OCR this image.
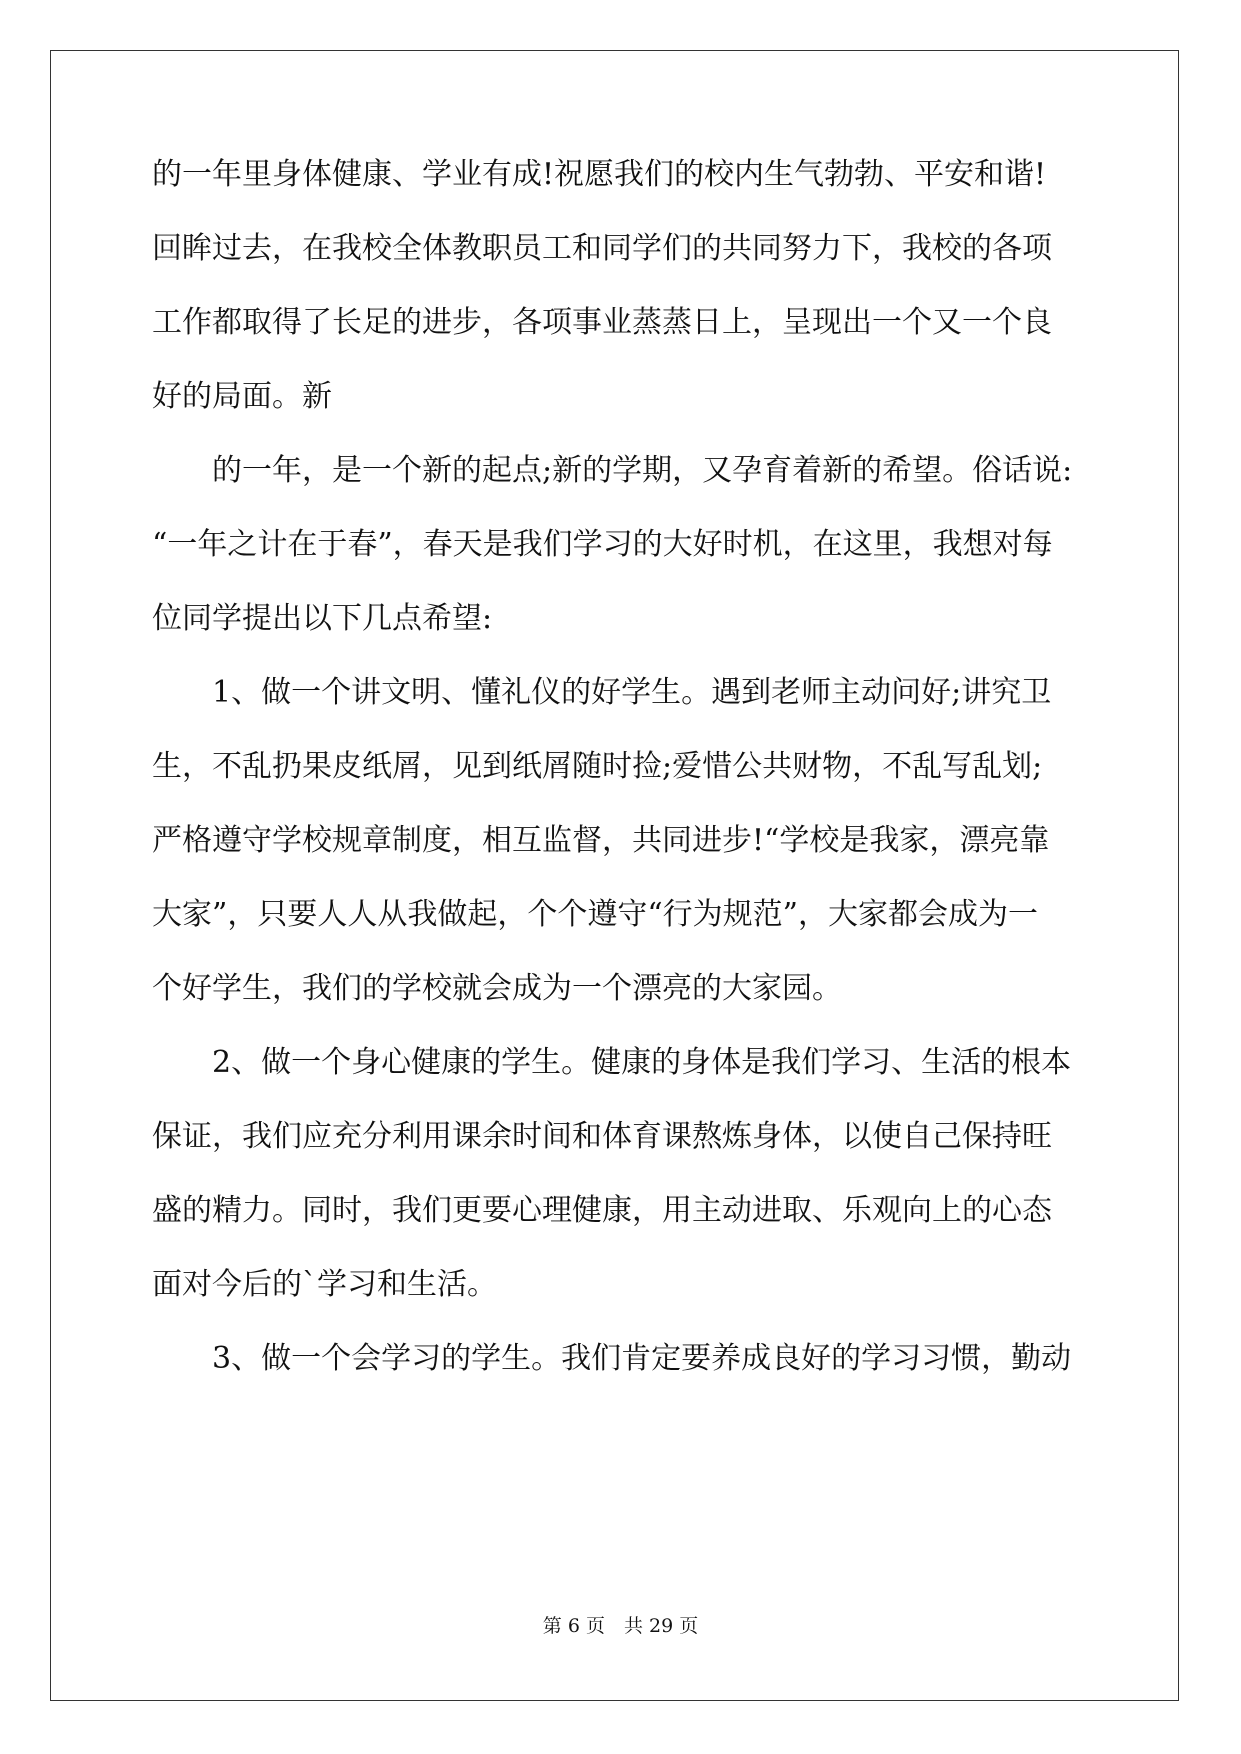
的一年里身体健康、学业有成!祝愿我们的校内生气勃勃、平安和谐!
回眸过去，在我校全体教职员工和同学们的共同努力下，我校的各项
工作都取得了长足的进步，各项事业蒸蒸日上，呈现出一个又一个良
好的局面。新
　　的一年，是一个新的起点;新的学期，又孕育着新的希望。俗话说:
“一年之计在于春”，春天是我们学习的大好时机，在这里，我想对每
位同学提出以下几点希望:
　　1、做一个讲文明、懂礼仪的好学生。遇到老师主动问好;讲究卫
生，不乱扔果皮纸屑，见到纸屑随时捡;爱惜公共财物，不乱写乱划;
严格遵守学校规章制度，相互监督，共同进步!“学校是我家，漂亮靠
大家”，只要人人从我做起，个个遵守“行为规范”，大家都会成为一
个好学生，我们的学校就会成为一个漂亮的大家园。
　　2、做一个身心健康的学生。健康的身体是我们学习、生活的根本
保证，我们应充分利用课余时间和体育课熬炼身体，以使自己保持旺
盛的精力。同时，我们更要心理健康，用主动进取、乐观向上的心态
面对今后的`学习和生活。
　　3、做一个会学习的学生。我们肯定要养成良好的学习习惯，勤动
第 6 页　共 29 页
